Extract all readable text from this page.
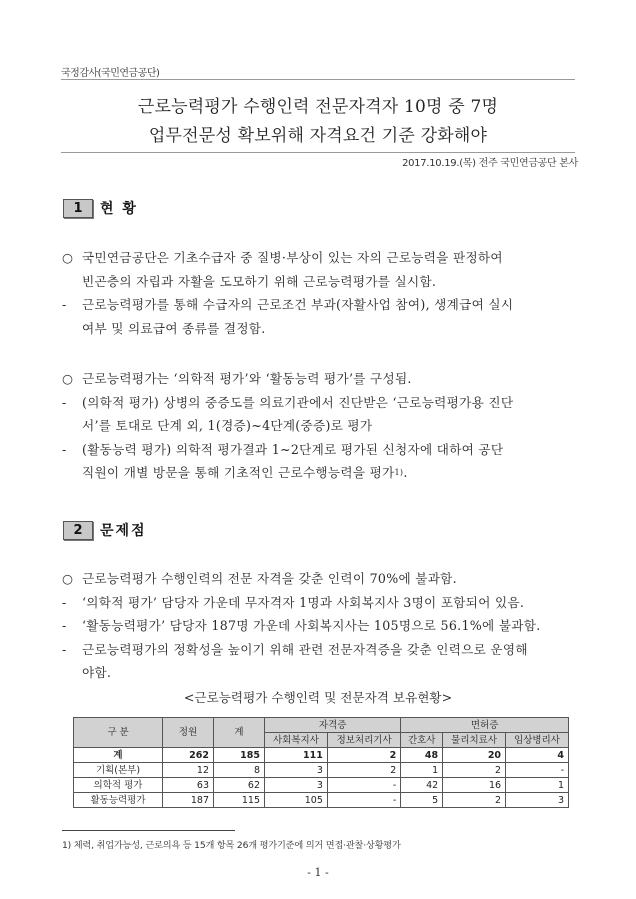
국정감사(국민연금공단)
근로능력평가 수행인력 전문자격자 10명 중 7명
업무전문성 확보위해 자격요건 기준 강화해야
2017.10.19.(목) 전주 국민연금공단 본사
1	현 황
○ 국민연금공단은 기초수급자 중 질병·부상이 있는 자의 근로능력을 판정하여
빈곤층의 자립과 자활을 도모하기 위해 근로능력평가를 실시함.
-	근로능력평가를 통해 수급자의 근로조건 부과(자활사업 참여), 생계급여 실시
여부 및 의료급여 종류를 결정함.
○ 근로능력평가는 ‘의학적 평가’와 ‘활동능력 평가’를 구성됨.
-	(의학적 평가) 상병의 중증도를 의료기관에서 진단받은 ‘근로능력평가용 진단
서’를 토대로 단계 외, 1(경증)~4단계(중증)로 평가
-	(활동능력 평가) 의학적 평가결과 1~2단계로 평가된 신청자에 대하여 공단
직원이 개별 방문을 통해 기초적인 근로수행능력을 평가 1) .
2	문제점
○ 근로능력평가 수행인력의 전문 자격을 갖춘 인력이 70%에 불과함.
-	‘의학적 평가’ 담당자 가운데 무자격자 1명과 사회복지사 3명이 포함되어 있음.
-	‘활동능력평가’ 담당자 187명 가운데 사회복지사는 105명으로 56.1%에 불과함.
-	근로능력평가의 정확성을 높이기 위해 관련 전문자격증을 갖춘 인력으로 운영해
야함.
<근로능력평가 수행인력 및 전문자격 보유현황>
구 분	정원	계	자격증		면허증		
			사회복지사	정보처리기사	간호사	물리치료사	임상병리사
계	262	185	111	2	48	20	4
기획(본부)	12	8	3	2	1	2	-
의학적 평가	63	62	3	-	42	16	1
활동능력평가	187	115	105	-	5	2	3
1) 체력, 취업가능성, 근로의욕 등 15개 항목 26개 평가기준에 의거 면접·관찰·상황평가
- 1 -
